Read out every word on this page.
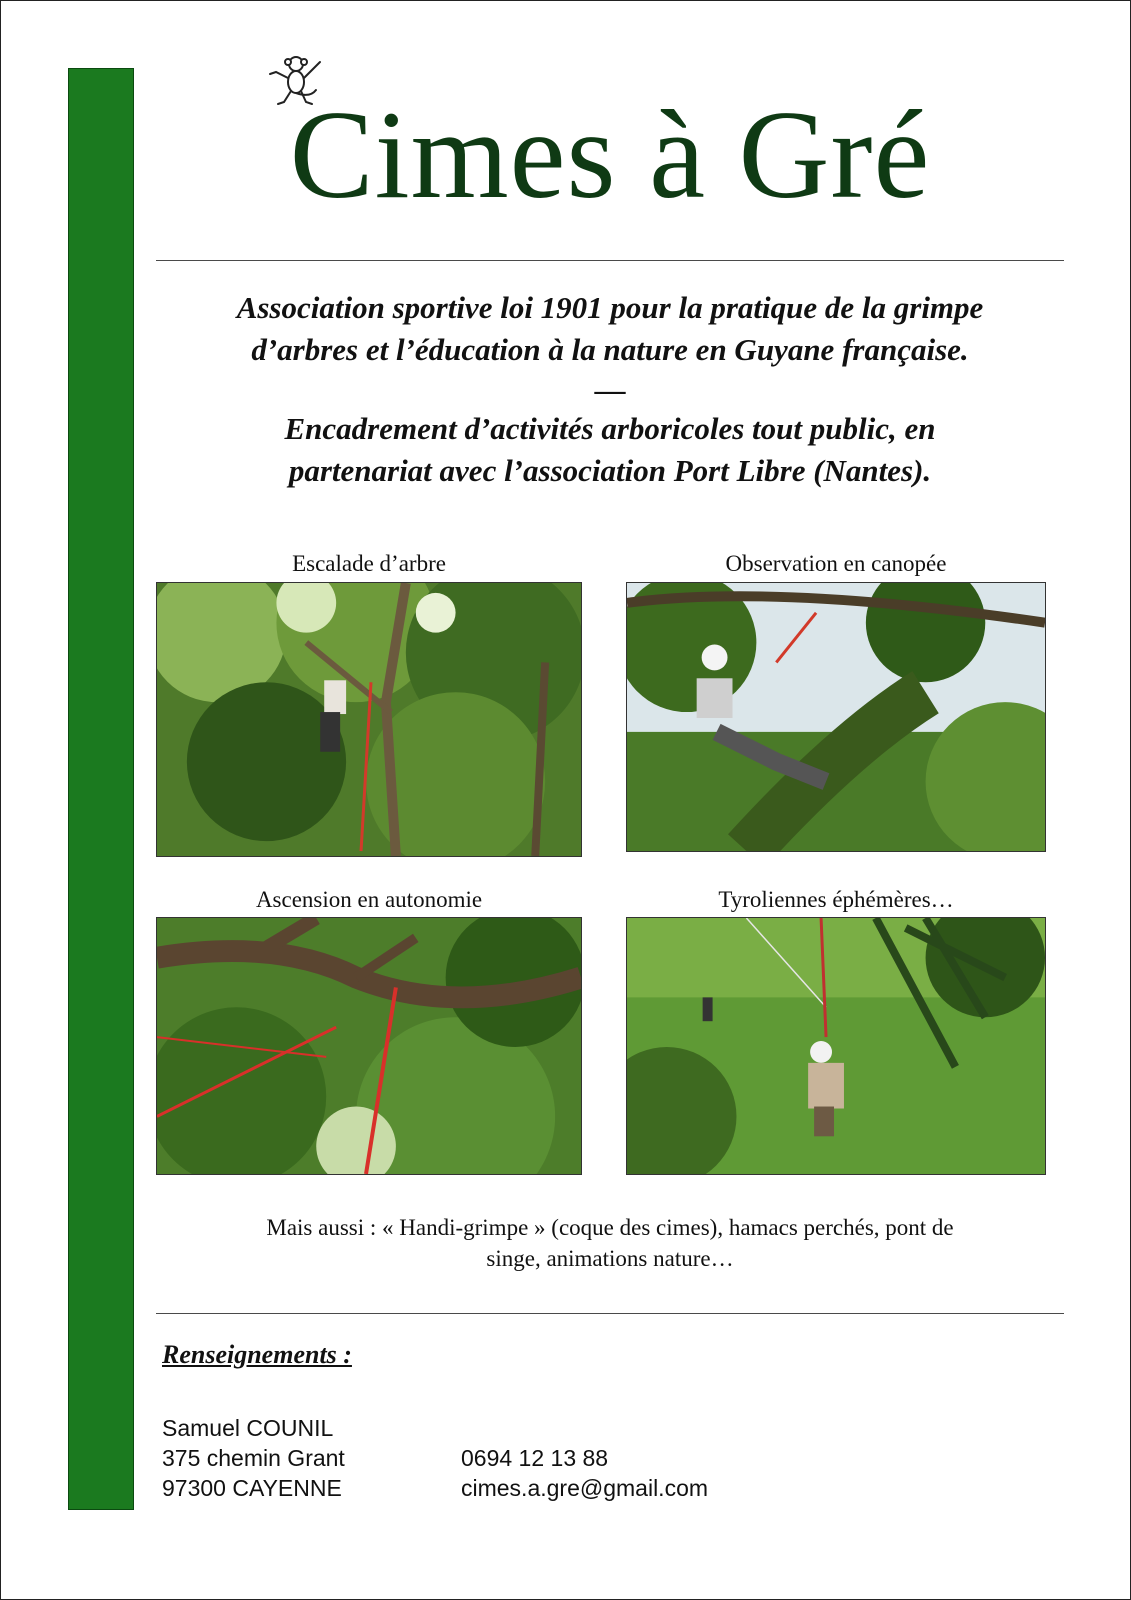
Cimes à Gré
Association sportive loi 1901 pour la pratique de la grimpe
d’arbres et l’éducation à la nature en Guyane française.
—
Encadrement d’activités arboricoles tout public, en
partenariat avec l’association Port Libre (Nantes).
Escalade d’arbre	Observation en canopée
Ascension en autonomie	Tyroliennes éphémères…
Mais aussi : « Handi-grimpe » (coque des cimes), hamacs perchés, pont de
singe, animations nature…
Renseignements :
Samuel COUNIL
375 chemin Grant
97300 CAYENNE
0694 12 13 88
cimes.a.gre@gmail.com
